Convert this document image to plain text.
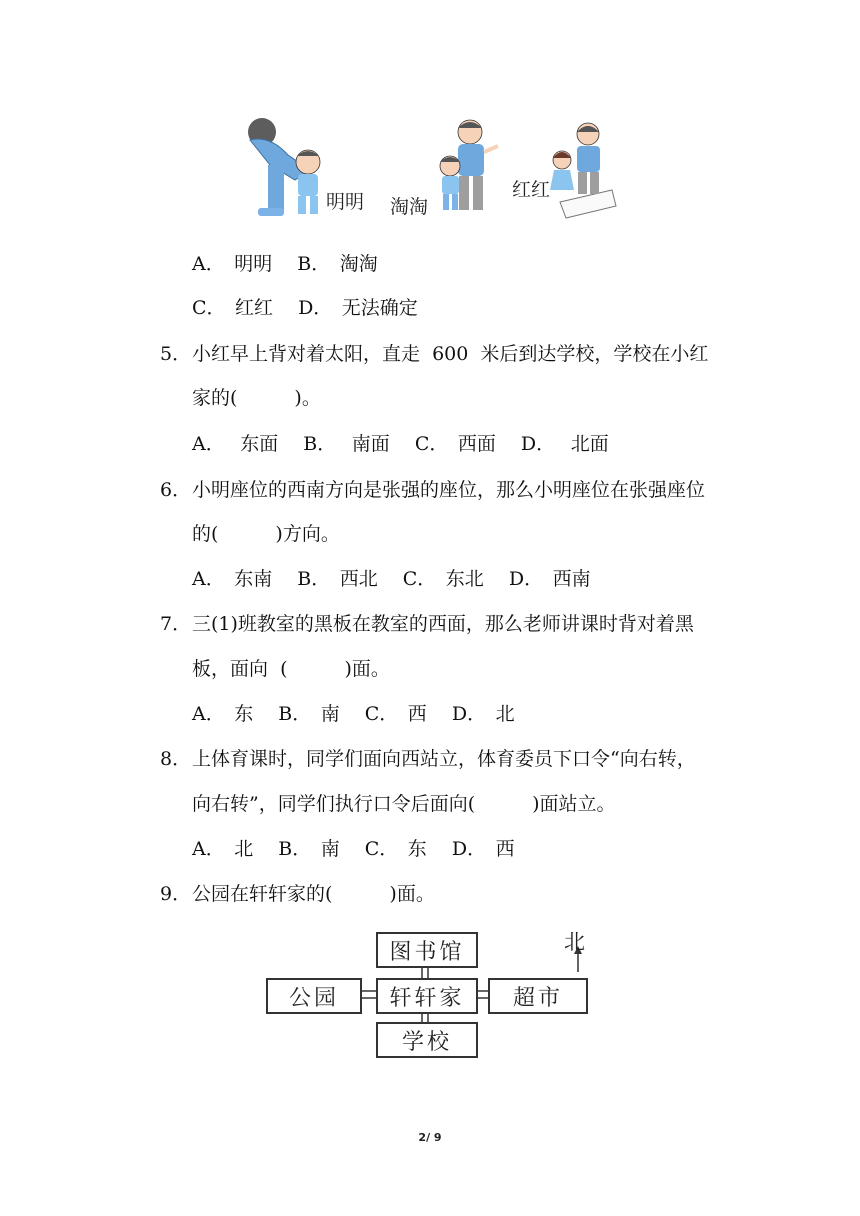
明明 淘淘
红红
A．　明明　 B．　淘淘
C．　红红　 D．　无法确定
5． 小红早上背对着太阳，直走  600  米后到达学校，学校在小红
家的(　　　)。
A．　 东面　 B．　 南面　 C．　西面　 D．　 北面
6． 小明座位的西南方向是张强的座位，那么小明座位在张强座位
的(　　　)方向。
A．　东南　 B．　西北　 C．　东北　 D．　西南
7． 三(1)班教室的黑板在教室的西面，那么老师讲课时背对着黑
板，面向  (　　　)面。
A．　东　 B．　南　 C．　西　 D．　北
8． 上体育课时，同学们面向西站立，体育委员下口令“向右转，
向右转”，同学们执行口令后面向(　　　)面站立。
A．　北　 B．　南　 C．　东　 D．　西
9． 公园在轩轩家的(　　　)面。
北
图书馆
公园	轩轩家	超市
学校
2/ 9
